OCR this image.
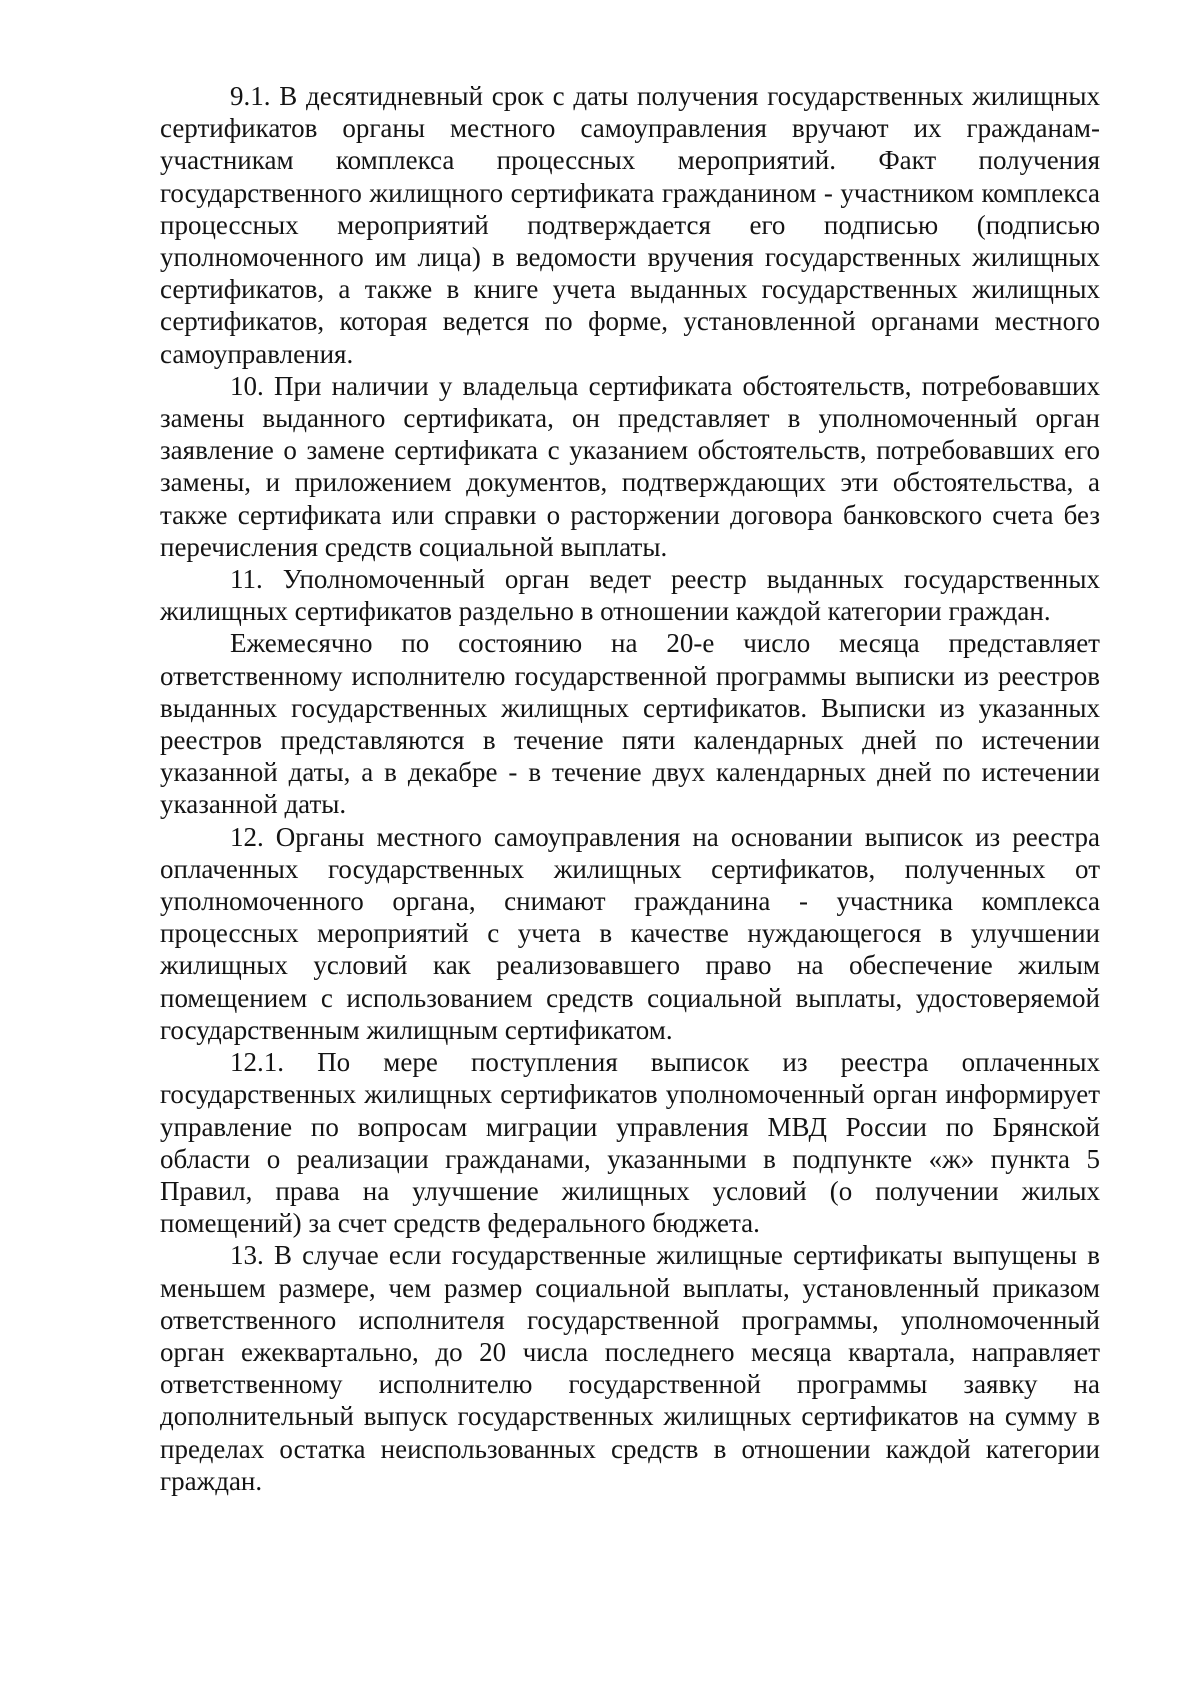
9.1. В десятидневный срок с даты получения государственных жилищных сертификатов органы местного самоуправления вручают их гражданам-участникам комплекса процессных мероприятий. Факт получения государственного жилищного сертификата гражданином - участником комплекса процессных мероприятий подтверждается его подписью (подписью уполномоченного им лица) в ведомости вручения государственных жилищных сертификатов, а также в книге учета выданных государственных жилищных сертификатов, которая ведется по форме, установленной органами местного самоуправления.

10. При наличии у владельца сертификата обстоятельств, потребовавших замены выданного сертификата, он представляет в уполномоченный орган заявление о замене сертификата с указанием обстоятельств, потребовавших его замены, и приложением документов, подтверждающих эти обстоятельства, а также сертификата или справки о расторжении договора банковского счета без перечисления средств социальной выплаты.

11. Уполномоченный орган ведет реестр выданных государственных жилищных сертификатов раздельно в отношении каждой категории граждан.

Ежемесячно по состоянию на 20-е число месяца представляет ответственному исполнителю государственной программы выписки из реестров выданных государственных жилищных сертификатов. Выписки из указанных реестров представляются в течение пяти календарных дней по истечении указанной даты, а в декабре - в течение двух календарных дней по истечении указанной даты.

12. Органы местного самоуправления на основании выписок из реестра оплаченных государственных жилищных сертификатов, полученных от уполномоченного органа, снимают гражданина - участника комплекса процессных мероприятий с учета в качестве нуждающегося в улучшении жилищных условий как реализовавшего право на обеспечение жилым помещением с использованием средств социальной выплаты, удостоверяемой государственным жилищным сертификатом.

12.1. По мере поступления выписок из реестра оплаченных государственных жилищных сертификатов уполномоченный орган информирует управление по вопросам миграции управления МВД России по Брянской области о реализации гражданами, указанными в подпункте «ж» пункта 5 Правил, права на улучшение жилищных условий (о получении жилых помещений) за счет средств федерального бюджета.

13. В случае если государственные жилищные сертификаты выпущены в меньшем размере, чем размер социальной выплаты, установленный приказом ответственного исполнителя государственной программы, уполномоченный орган ежеквартально, до 20 числа последнего месяца квартала, направляет ответственному исполнителю государственной программы заявку на дополнительный выпуск государственных жилищных сертификатов на сумму в пределах остатка неиспользованных средств в отношении каждой категории граждан.
